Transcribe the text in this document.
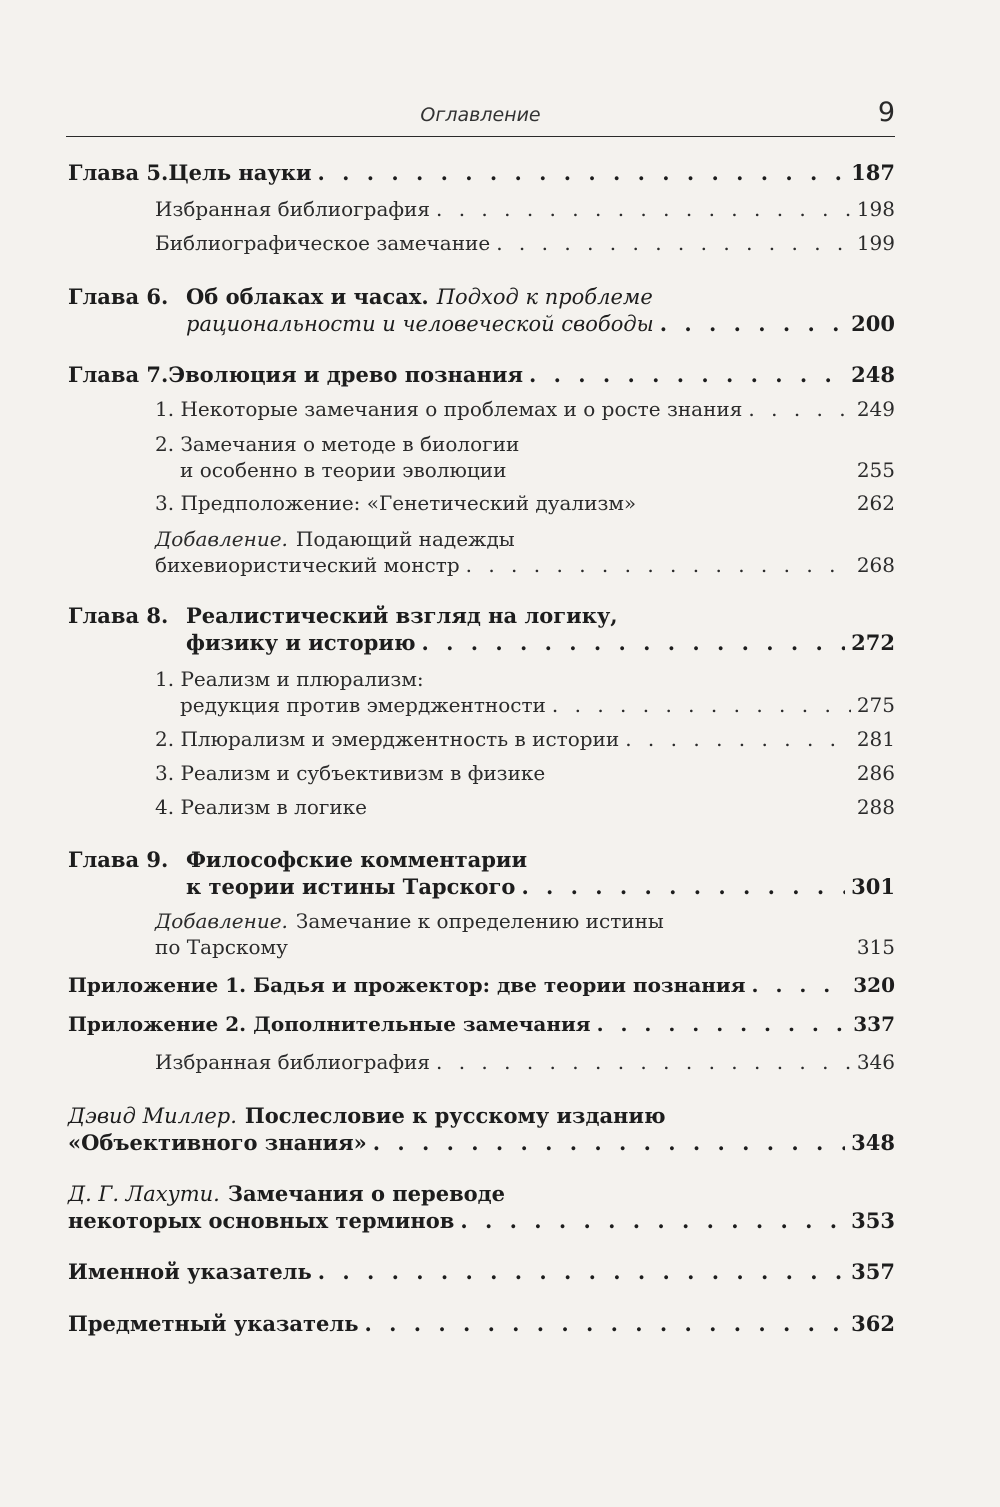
Оглавление	9
Глава 5. Цель науки . . .	187
Избранная библиография . . .	198
Библиографическое замечание . . .	199
Глава 6. Об облаках и часах. Подход к проблеме
рациональности и человеческой свободы . . .	200
Глава 7. Эволюция и древо познания . . .	248
1. Некоторые замечания о проблемах и о росте знания . . .	249
2. Замечания о методе в биологии
и особенно в теории эволюции	255
3. Предположение: «Генетический дуализм»	262
Добавление. Подающий надежды
бихевиористический монстр . . .	268
Глава 8. Реалистический взгляд на логику,
физику и историю . . .	272
1. Реализм и плюрализм:
редукция против эмерджентности . . .	275
2. Плюрализм и эмерджентность в истории . . .	281
3. Реализм и субъективизм в физике	286
4. Реализм в логике	288
Глава 9. Философские комментарии
к теории истины Тарского . . .	301
Добавление. Замечание к определению истины
по Тарскому	315
Приложение 1. Бадья и прожектор: две теории познания . . .	320
Приложение 2. Дополнительные замечания . . .	337
Избранная библиография . . .	346
Дэвид Миллер. Послесловие к русскому изданию
«Объективного знания» . . .	348
Д. Г. Лахути. Замечания о переводе
некоторых основных терминов . . .	353
Именной указатель . . .	357
Предметный указатель . . .	362
